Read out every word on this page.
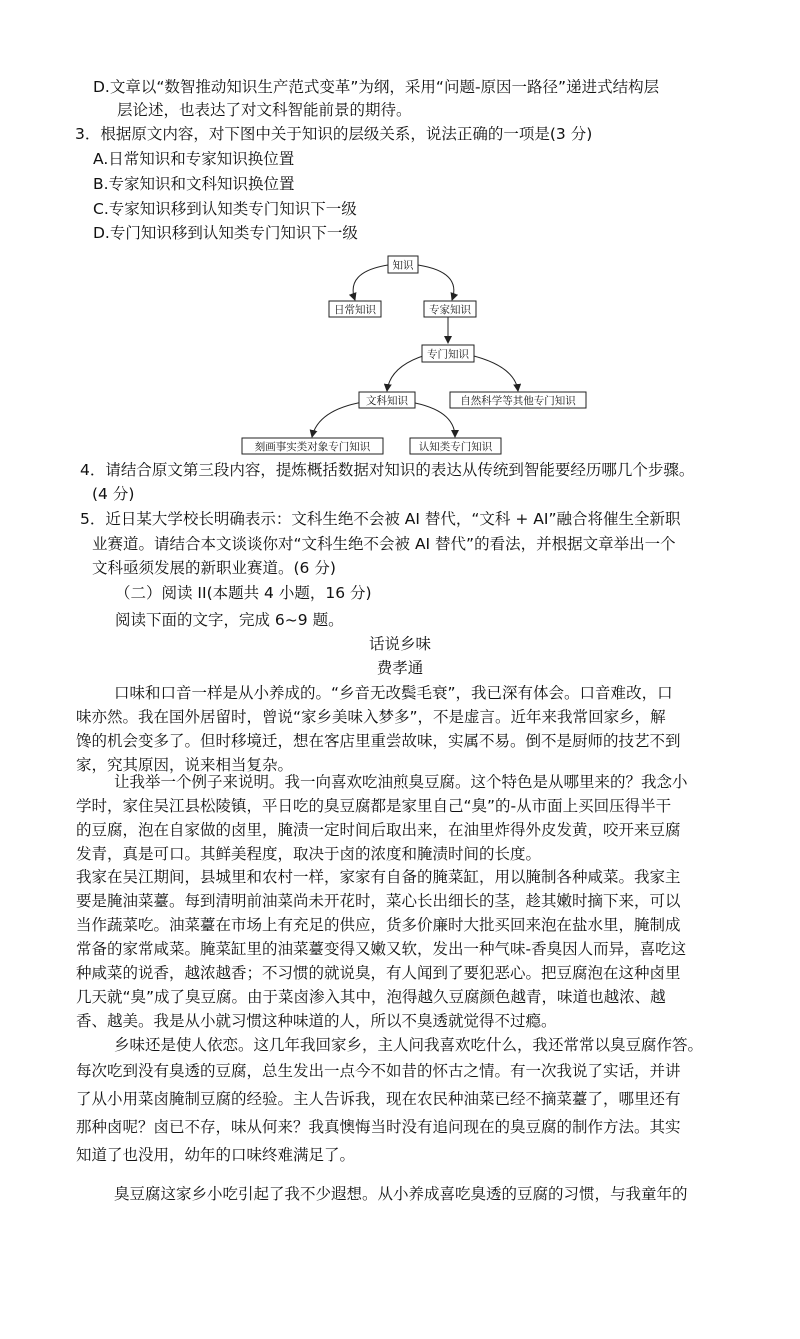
D.文章以“数智推动知识生产范式变革”为纲，采用“问题-原因一路径”递进式结构层
层论述，也表达了对文科智能前景的期待。
3．根据原文内容，对下图中关于知识的层级关系，说法正确的一项是(3 分)
A.日常知识和专家知识换位置
B.专家知识和文科知识换位置
C.专家知识移到认知类专门知识下一级
D.专门知识移到认知类专门知识下一级
知识
日常知识	专家知识
专门知识
文科知识	自然科学等其他专门知识
刻画事实类对象专门知识	认知类专门知识
4．请结合原文第三段内容，提炼概括数据对知识的表达从传统到智能要经历哪几个步骤。
(4 分)
5．近日某大学校长明确表示：文科生绝不会被 AI 替代，“文科 + AI”融合将催生全新职
业赛道。请结合本文谈谈你对“文科生绝不会被 AI 替代”的看法，并根据文章举出一个
文科亟须发展的新职业赛道。(6 分)
（二）阅读 II(本题共 4 小题，16 分)
阅读下面的文字，完成 6~9 题。
话说乡味
费孝通
口味和口音一样是从小养成的。“乡音无改鬓毛衰”，我已深有体会。口音难改，口
味亦然。我在国外居留时，曾说“家乡美味入梦多”，不是虚言。近年来我常回家乡，解
馋的机会变多了。但时移境迁，想在客店里重尝故味，实属不易。倒不是厨师的技艺不到
家，究其原因，说来相当复杂。
让我举一个例子来说明。我一向喜欢吃油煎臭豆腐。这个特色是从哪里来的？我念小
学时，家住吴江县松陵镇，平日吃的臭豆腐都是家里自己“臭”的-从市面上买回压得半干
的豆腐，泡在自家做的卤里，腌渍一定时间后取出来，在油里炸得外皮发黄，咬开来豆腐
发青，真是可口。其鲜美程度，取决于卤的浓度和腌渍时间的长度。
我家在吴江期间，县城里和农村一样，家家有自备的腌菜缸，用以腌制各种咸菜。我家主
要是腌油菜薹。每到清明前油菜尚未开花时，菜心长出细长的茎，趁其嫩时摘下来，可以
当作蔬菜吃。油菜薹在市场上有充足的供应，货多价廉时大批买回来泡在盐水里，腌制成
常备的家常咸菜。腌菜缸里的油菜薹变得又嫩又软，发出一种气味-香臭因人而异，喜吃这
种咸菜的说香，越浓越香；不习惯的就说臭，有人闻到了要犯恶心。把豆腐泡在这种卤里
几天就“臭”成了臭豆腐。由于菜卤渗入其中，泡得越久豆腐颜色越青，味道也越浓、越
香、越美。我是从小就习惯这种味道的人，所以不臭透就觉得不过瘾。
乡味还是使人依恋。这几年我回家乡，主人问我喜欢吃什么，我还常常以臭豆腐作答。
每次吃到没有臭透的豆腐，总生发出一点今不如昔的怀古之情。有一次我说了实话，并讲
了从小用菜卤腌制豆腐的经验。主人告诉我，现在农民种油菜已经不摘菜薹了，哪里还有
那种卤呢？卤已不存，味从何来？我真懊悔当时没有追问现在的臭豆腐的制作方法。其实
知道了也没用，幼年的口味终难满足了。
臭豆腐这家乡小吃引起了我不少遐想。从小养成喜吃臭透的豆腐的习惯，与我童年的
